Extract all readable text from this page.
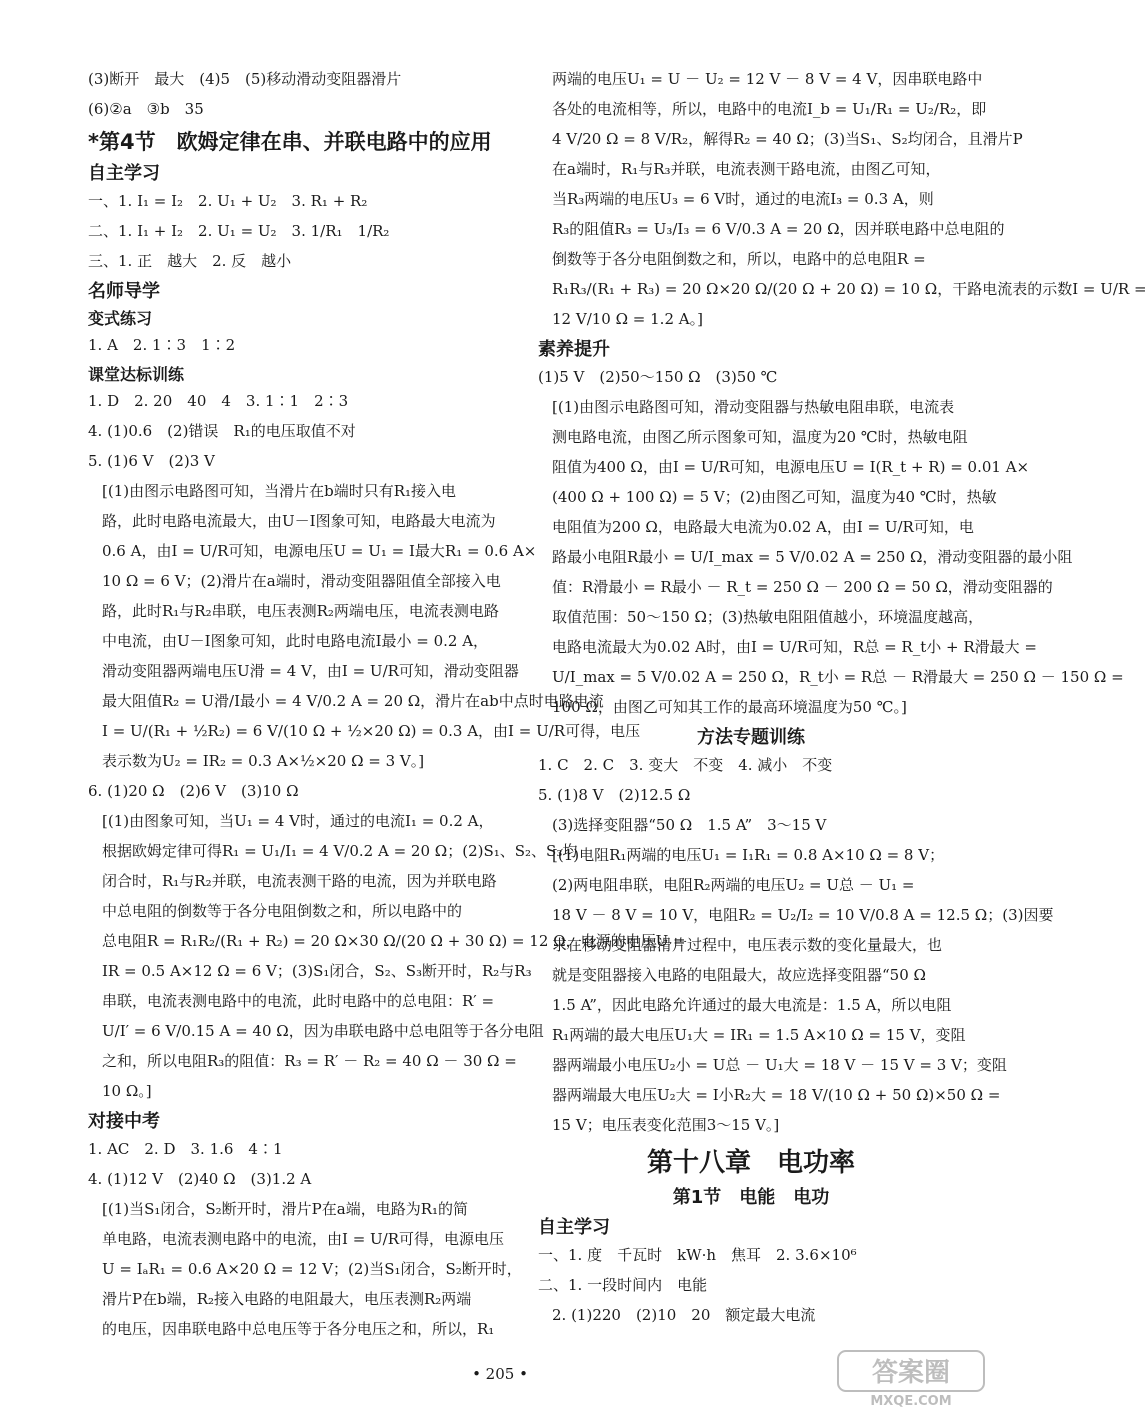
(3)断开　最大　(4)5　(5)移动滑动变阻器滑片
(6)②a　③b　35
*第4节　欧姆定律在串、并联电路中的应用
自主学习
一、1. I₁ = I₂　2. U₁ + U₂　3. R₁ + R₂
二、1. I₁ + I₂　2. U₁ = U₂　3. 1/R₁　1/R₂
三、1. 正　越大　2. 反　越小
名师导学
变式练习
1. A　2. 1∶3　1∶2
课堂达标训练
1. D　2. 20　40　4　3. 1∶1　2∶3
4. (1)0.6　(2)错误　R₁的电压取值不对
5. (1)6 V　(2)3 V
[(1)由图示电路图可知，当滑片在b端时只有R₁接入电
路，此时电路电流最大，由U－I图象可知，电路最大电流为
0.6 A，由I = U/R可知，电源电压U = U₁ = I最大R₁ = 0.6 A×
10 Ω = 6 V；(2)滑片在a端时，滑动变阻器阻值全部接入电
路，此时R₁与R₂串联，电压表测R₂两端电压，电流表测电路
中电流，由U－I图象可知，此时电路电流I最小 = 0.2 A，
滑动变阻器两端电压U滑 = 4 V，由I = U/R可知，滑动变阻器
最大阻值R₂ = U滑/I最小 = 4 V/0.2 A = 20 Ω，滑片在ab中点时电路电流
I = U/(R₁ + ½R₂) = 6 V/(10 Ω + ½×20 Ω) = 0.3 A，由I = U/R可得，电压
表示数为U₂ = IR₂ = 0.3 A×½×20 Ω = 3 V。]
6. (1)20 Ω　(2)6 V　(3)10 Ω
[(1)由图象可知，当U₁ = 4 V时，通过的电流I₁ = 0.2 A，
根据欧姆定律可得R₁ = U₁/I₁ = 4 V/0.2 A = 20 Ω；(2)S₁、S₂、S₃均
闭合时，R₁与R₂并联，电流表测干路的电流，因为并联电路
中总电阻的倒数等于各分电阻倒数之和，所以电路中的
总电阻R = R₁R₂/(R₁ + R₂) = 20 Ω×30 Ω/(20 Ω + 30 Ω) = 12 Ω，电源的电压U =
IR = 0.5 A×12 Ω = 6 V；(3)S₁闭合，S₂、S₃断开时，R₂与R₃
串联，电流表测电路中的电流，此时电路中的总电阻：R′ =
U/I′ = 6 V/0.15 A = 40 Ω，因为串联电路中总电阻等于各分电阻
之和，所以电阻R₃的阻值：R₃ = R′ － R₂ = 40 Ω － 30 Ω =
10 Ω。]
对接中考
1. AC　2. D　3. 1.6　4∶1
4. (1)12 V　(2)40 Ω　(3)1.2 A
[(1)当S₁闭合，S₂断开时，滑片P在a端，电路为R₁的简
单电路，电流表测电路中的电流，由I = U/R可得，电源电压
U = IₐR₁ = 0.6 A×20 Ω = 12 V；(2)当S₁闭合，S₂断开时，
滑片P在b端，R₂接入电路的电阻最大，电压表测R₂两端
的电压，因串联电路中总电压等于各分电压之和，所以，R₁
两端的电压U₁ = U － U₂ = 12 V － 8 V = 4 V，因串联电路中
各处的电流相等，所以，电路中的电流I_b = U₁/R₁ = U₂/R₂，即
4 V/20 Ω = 8 V/R₂，解得R₂ = 40 Ω；(3)当S₁、S₂均闭合，且滑片P
在a端时，R₁与R₃并联，电流表测干路电流，由图乙可知，
当R₃两端的电压U₃ = 6 V时，通过的电流I₃ = 0.3 A，则
R₃的阻值R₃ = U₃/I₃ = 6 V/0.3 A = 20 Ω，因并联电路中总电阻的
倒数等于各分电阻倒数之和，所以，电路中的总电阻R =
R₁R₃/(R₁ + R₃) = 20 Ω×20 Ω/(20 Ω + 20 Ω) = 10 Ω，干路电流表的示数I = U/R =
12 V/10 Ω = 1.2 A。]
素养提升
(1)5 V　(2)50～150 Ω　(3)50 ℃
[(1)由图示电路图可知，滑动变阻器与热敏电阻串联，电流表
测电路电流，由图乙所示图象可知，温度为20 ℃时，热敏电阻
阻值为400 Ω，由I = U/R可知，电源电压U = I(R_t + R) = 0.01 A×
(400 Ω + 100 Ω) = 5 V；(2)由图乙可知，温度为40 ℃时，热敏
电阻值为200 Ω，电路最大电流为0.02 A，由I = U/R可知，电
路最小电阻R最小 = U/I_max = 5 V/0.02 A = 250 Ω，滑动变阻器的最小阻
值：R滑最小 = R最小 － R_t = 250 Ω － 200 Ω = 50 Ω，滑动变阻器的
取值范围：50～150 Ω；(3)热敏电阻阻值越小，环境温度越高，
电路电流最大为0.02 A时，由I = U/R可知，R总 = R_t小 + R滑最大 =
U/I_max = 5 V/0.02 A = 250 Ω，R_t小 = R总 － R滑最大 = 250 Ω － 150 Ω =
100 Ω，由图乙可知其工作的最高环境温度为50 ℃。]
方法专题训练
1. C　2. C　3. 变大　不变　4. 减小　不变
5. (1)8 V　(2)12.5 Ω
(3)选择变阻器“50 Ω　1.5 A”　3～15 V
[(1)电阻R₁两端的电压U₁ = I₁R₁ = 0.8 A×10 Ω = 8 V；
(2)两电阻串联，电阻R₂两端的电压U₂ = U总 － U₁ =
18 V － 8 V = 10 V，电阻R₂ = U₂/I₂ = 10 V/0.8 A = 12.5 Ω；(3)因要
求在移动变阻器滑片过程中，电压表示数的变化量最大，也
就是变阻器接入电路的电阻最大，故应选择变阻器“50 Ω
1.5 A”，因此电路允许通过的最大电流是：1.5 A，所以电阻
R₁两端的最大电压U₁大 = IR₁ = 1.5 A×10 Ω = 15 V，变阻
器两端最小电压U₂小 = U总 － U₁大 = 18 V － 15 V = 3 V；变阻
器两端最大电压U₂大 = I小R₂大 = 18 V/(10 Ω + 50 Ω)×50 Ω =
15 V；电压表变化范围3～15 V。]
第十八章　电功率
第1节　电能　电功
自主学习
一、1. 度　千瓦时　kW·h　焦耳　2. 3.6×10⁶
二、1. 一段时间内　电能
2. (1)220　(2)10　20　额定最大电流
• 205 •	答案圈
MXQE.COM
